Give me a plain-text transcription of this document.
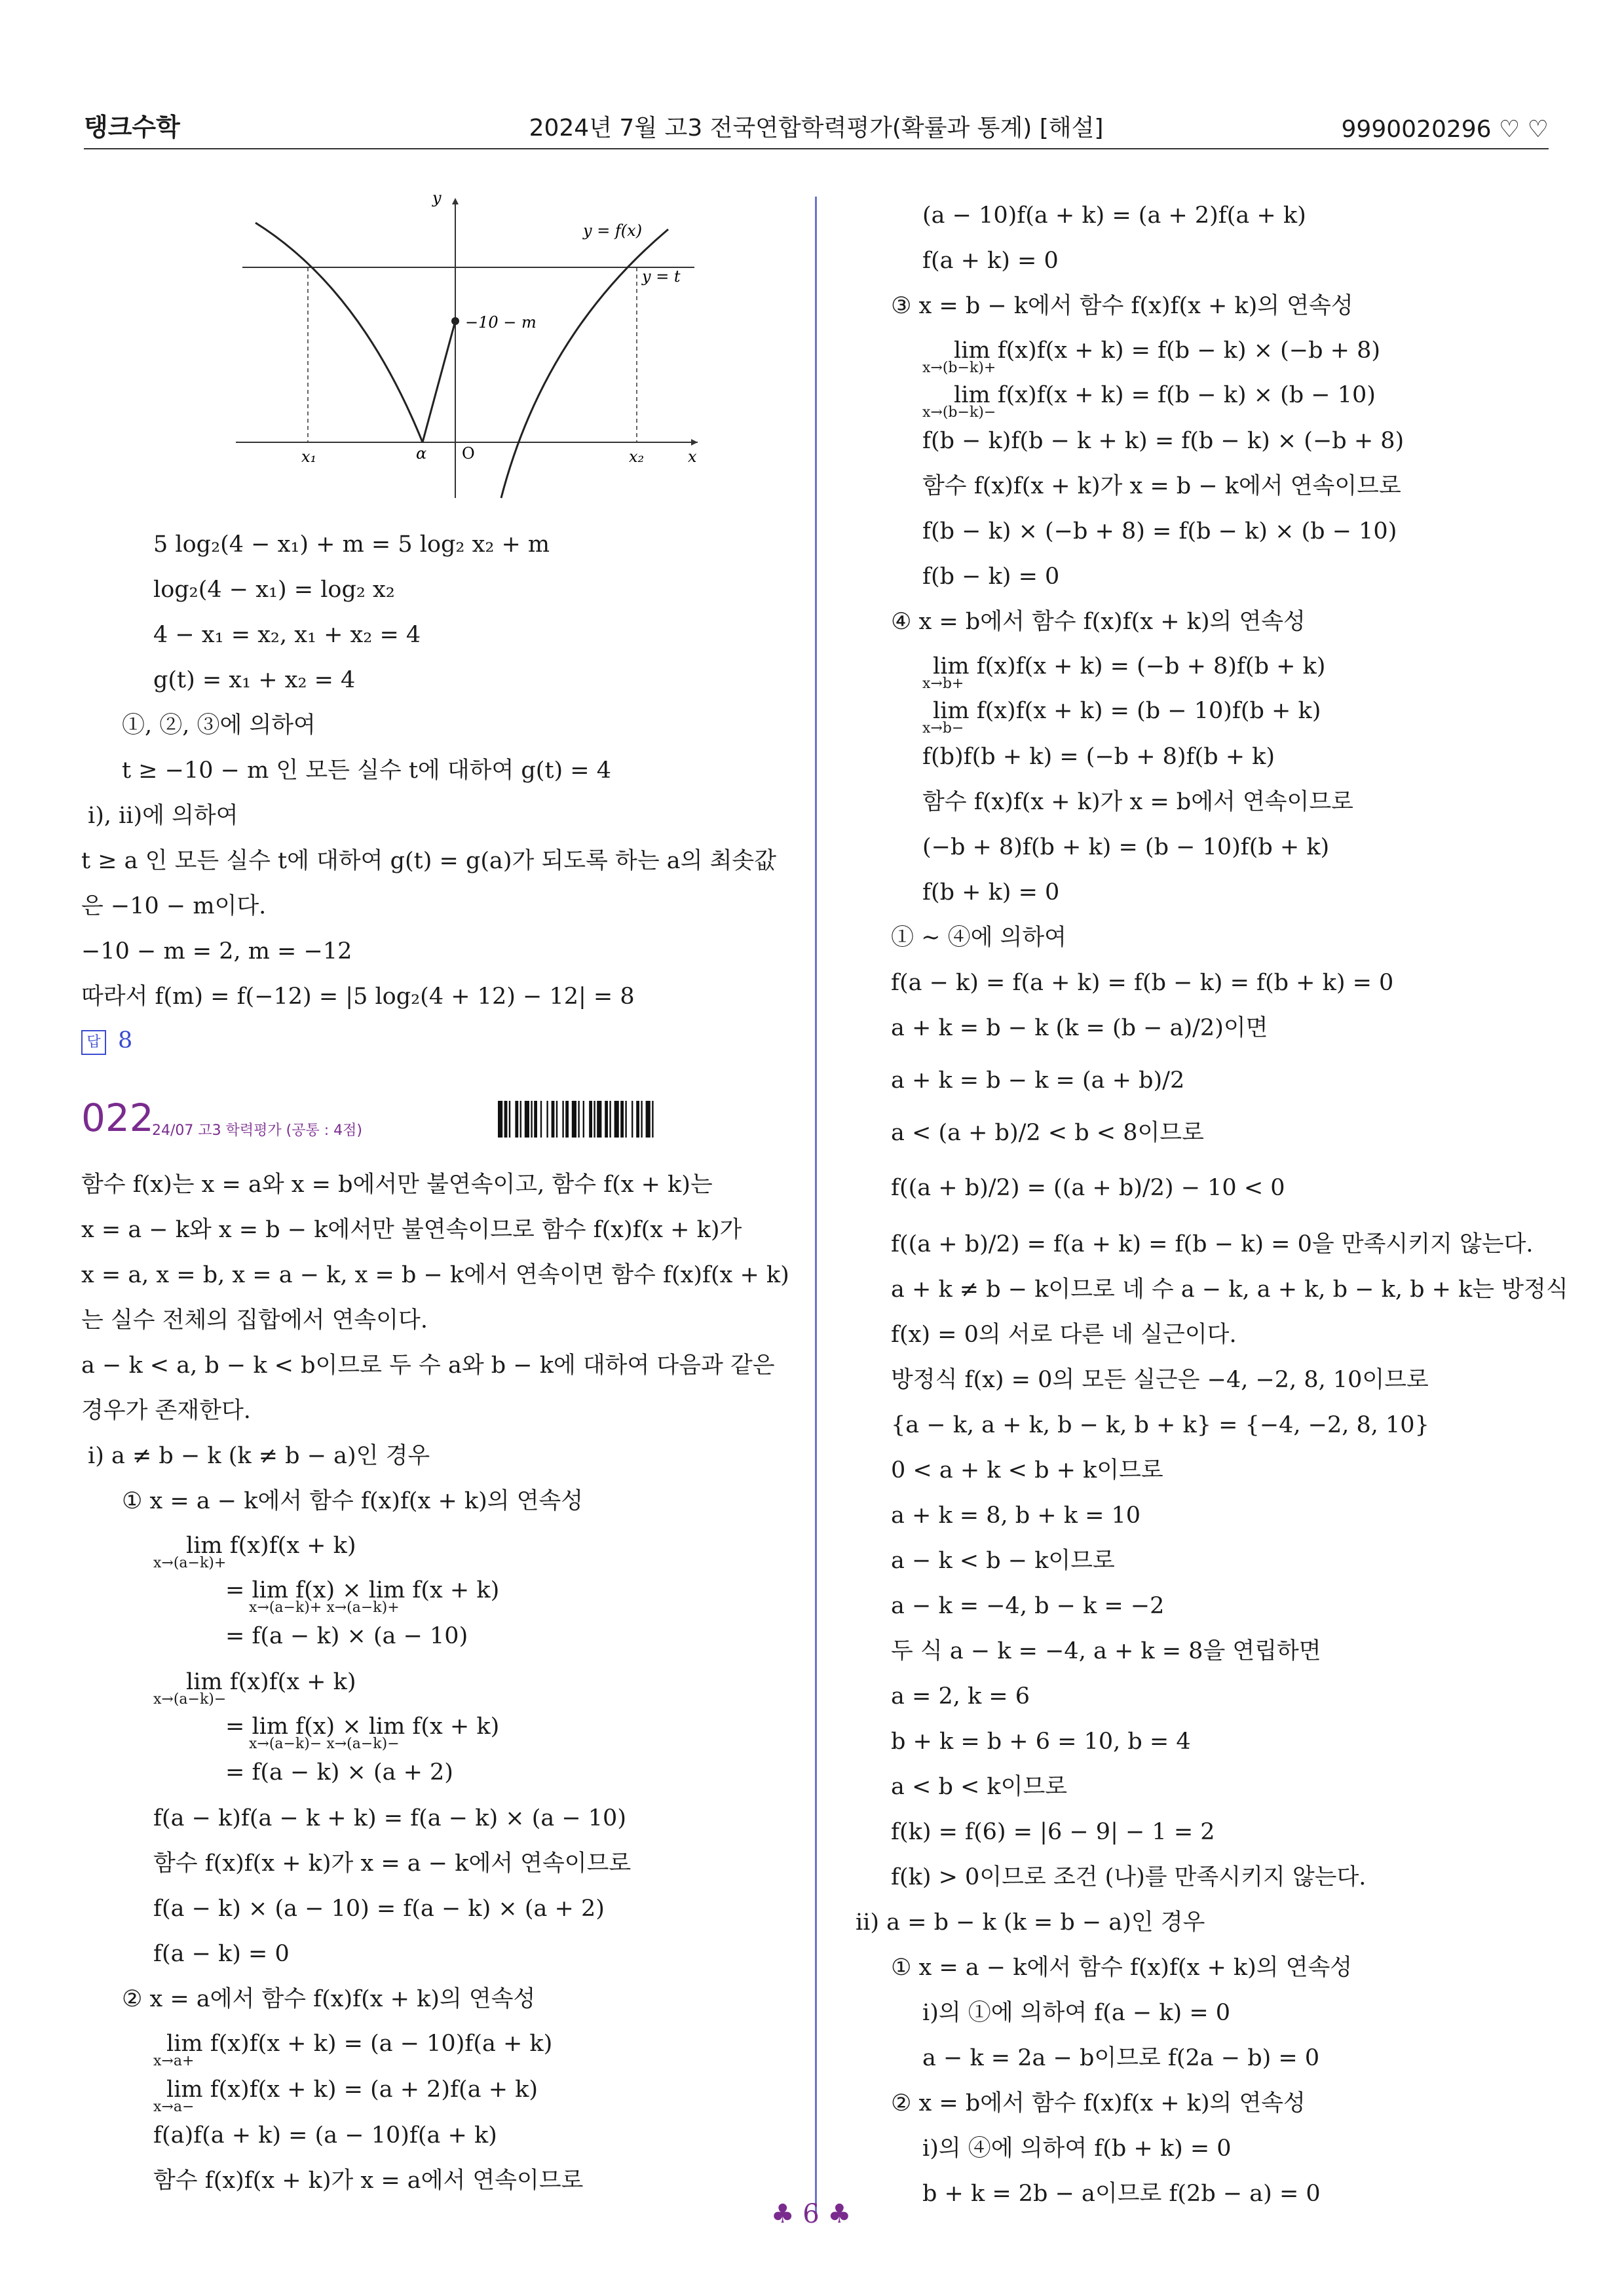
탱크수학	2024년 7월 고3 전국연합학력평가(확률과 통계) [해설]	9990020296 ♡ ♡
y
x
y = f(x)
y = t
−10 − m
x₁	α O	x₂
5 log₂(4 − x₁) + m = 5 log₂ x₂ + m
log₂(4 − x₁) = log₂ x₂
4 − x₁ = x₂, x₁ + x₂ = 4
g(t) = x₁ + x₂ = 4
①, ②, ③에 의하여
t ≥ −10 − m 인 모든 실수 t에 대하여 g(t) = 4
ⅰ), ⅱ)에 의하여
t ≥ a 인 모든 실수 t에 대하여 g(t) = g(a)가 되도록 하는 a의 최솟값
은 −10 − m이다.
−10 − m = 2, m = −12
따라서 f(m) = f(−12) = |5 log₂(4 + 12) − 12| = 8
답 8
022
24/07 고3 학력평가 (공통 : 4점)
함수 f(x)는 x = a와 x = b에서만 불연속이고, 함수 f(x + k)는
x = a − k와 x = b − k에서만 불연속이므로 함수 f(x)f(x + k)가
x = a, x = b, x = a − k, x = b − k에서 연속이면 함수 f(x)f(x + k)
는 실수 전체의 집합에서 연속이다.
a − k < a, b − k < b이므로 두 수 a와 b − k에 대하여 다음과 같은
경우가 존재한다.
ⅰ) a ≠ b − k (k ≠ b − a)인 경우
① x = a − k에서 함수 f(x)f(x + k)의 연속성
lim f(x)f(x + k)
x→(a−k)+
= lim f(x) × lim f(x + k)
x→(a−k)+ x→(a−k)+
= f(a − k) × (a − 10)
lim f(x)f(x + k)
x→(a−k)−
= lim f(x) × lim f(x + k)
x→(a−k)− x→(a−k)−
= f(a − k) × (a + 2)
f(a − k)f(a − k + k) = f(a − k) × (a − 10)
함수 f(x)f(x + k)가 x = a − k에서 연속이므로
f(a − k) × (a − 10) = f(a − k) × (a + 2)
f(a − k) = 0
② x = a에서 함수 f(x)f(x + k)의 연속성
lim f(x)f(x + k) = (a − 10)f(a + k)
x→a+
lim f(x)f(x + k) = (a + 2)f(a + k)
x→a−
f(a)f(a + k) = (a − 10)f(a + k)
함수 f(x)f(x + k)가 x = a에서 연속이므로
(a − 10)f(a + k) = (a + 2)f(a + k)
f(a + k) = 0
③ x = b − k에서 함수 f(x)f(x + k)의 연속성
lim f(x)f(x + k) = f(b − k) × (−b + 8)
x→(b−k)+
lim f(x)f(x + k) = f(b − k) × (b − 10)
x→(b−k)−
f(b − k)f(b − k + k) = f(b − k) × (−b + 8)
함수 f(x)f(x + k)가 x = b − k에서 연속이므로
f(b − k) × (−b + 8) = f(b − k) × (b − 10)
f(b − k) = 0
④ x = b에서 함수 f(x)f(x + k)의 연속성
lim f(x)f(x + k) = (−b + 8)f(b + k)
x→b+
lim f(x)f(x + k) = (b − 10)f(b + k)
x→b−
f(b)f(b + k) = (−b + 8)f(b + k)
함수 f(x)f(x + k)가 x = b에서 연속이므로
(−b + 8)f(b + k) = (b − 10)f(b + k)
f(b + k) = 0
① ∼ ④에 의하여
f(a − k) = f(a + k) = f(b − k) = f(b + k) = 0
a + k = b − k (k = (b − a)/2)이면
a + k = b − k = (a + b)/2
a < (a + b)/2 < b < 8이므로
f((a + b)/2) = ((a + b)/2) − 10 < 0
f((a + b)/2) = f(a + k) = f(b − k) = 0을 만족시키지 않는다.
a + k ≠ b − k이므로 네 수 a − k, a + k, b − k, b + k는 방정식
f(x) = 0의 서로 다른 네 실근이다.
방정식 f(x) = 0의 모든 실근은 −4, −2, 8, 10이므로
{a − k, a + k, b − k, b + k} = {−4, −2, 8, 10}
0 < a + k < b + k이므로
a + k = 8, b + k = 10
a − k < b − k이므로
a − k = −4, b − k = −2
두 식 a − k = −4, a + k = 8을 연립하면
a = 2, k = 6
b + k = b + 6 = 10, b = 4
a < b < k이므로
f(k) = f(6) = |6 − 9| − 1 = 2
f(k) > 0이므로 조건 (나)를 만족시키지 않는다.
ⅱ) a = b − k (k = b − a)인 경우
① x = a − k에서 함수 f(x)f(x + k)의 연속성
ⅰ)의 ①에 의하여 f(a − k) = 0
a − k = 2a − b이므로 f(2a − b) = 0
② x = b에서 함수 f(x)f(x + k)의 연속성
ⅰ)의 ④에 의하여 f(b + k) = 0
b + k = 2b − a이므로 f(2b − a) = 0
♣ 6 ♣
